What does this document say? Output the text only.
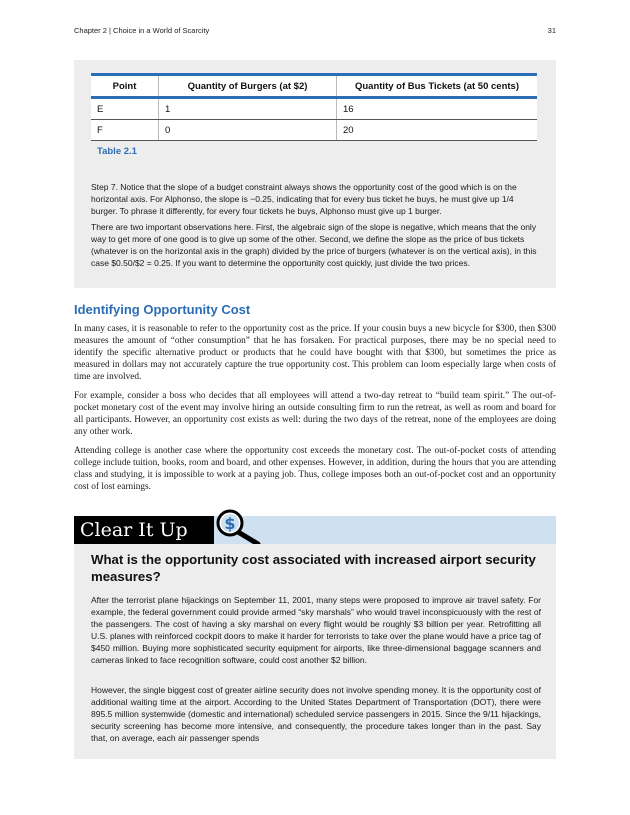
Chapter 2 | Choice in a World of Scarcity	31
Point	Quantity of Burgers (at $2)	Quantity of Bus Tickets (at 50 cents)
E	1	16
F	0	20
Table 2.1

Step 7. Notice that the slope of a budget constraint always shows the opportunity cost of the good which is on the horizontal axis. For Alphonso, the slope is −0.25, indicating that for every bus ticket he buys, he must give up 1/4 burger. To phrase it differently, for every four tickets he buys, Alphonso must give up 1 burger.

There are two important observations here. First, the algebraic sign of the slope is negative, which means that the only way to get more of one good is to give up some of the other. Second, we define the slope as the price of bus tickets (whatever is on the horizontal axis in the graph) divided by the price of burgers (whatever is on the vertical axis), in this case $0.50/$2 = 0.25. If you want to determine the opportunity cost quickly, just divide the two prices.

Identifying Opportunity Cost

In many cases, it is reasonable to refer to the opportunity cost as the price. If your cousin buys a new bicycle for $300, then $300 measures the amount of “other consumption” that he has forsaken. For practical purposes, there may be no special need to identify the specific alternative product or products that he could have bought with that $300, but sometimes the price as measured in dollars may not accurately capture the true opportunity cost. This problem can loom especially large when costs of time are involved.

For example, consider a boss who decides that all employees will attend a two-day retreat to “build team spirit.” The out-of-pocket monetary cost of the event may involve hiring an outside consulting firm to run the retreat, as well as room and board for all participants. However, an opportunity cost exists as well: during the two days of the retreat, none of the employees are doing any other work.

Attending college is another case where the opportunity cost exceeds the monetary cost. The out-of-pocket costs of attending college include tuition, books, room and board, and other expenses. However, in addition, during the hours that you are attending class and studying, it is impossible to work at a paying job. Thus, college imposes both an out-of-pocket cost and an opportunity cost of lost earnings.

Clear It Up	$
What is the opportunity cost associated with increased airport security measures?

After the terrorist plane hijackings on September 11, 2001, many steps were proposed to improve air travel safety. For example, the federal government could provide armed “sky marshals” who would travel inconspicuously with the rest of the passengers. The cost of having a sky marshal on every flight would be roughly $3 billion per year. Retrofitting all U.S. planes with reinforced cockpit doors to make it harder for terrorists to take over the plane would have a price tag of $450 million. Buying more sophisticated security equipment for airports, like three-dimensional baggage scanners and cameras linked to face recognition software, could cost another $2 billion.

However, the single biggest cost of greater airline security does not involve spending money. It is the opportunity cost of additional waiting time at the airport. According to the United States Department of Transportation (DOT), there were 895.5 million systemwide (domestic and international) scheduled service passengers in 2015. Since the 9/11 hijackings, security screening has become more intensive, and consequently, the procedure takes longer than in the past. Say that, on average, each air passenger spends
